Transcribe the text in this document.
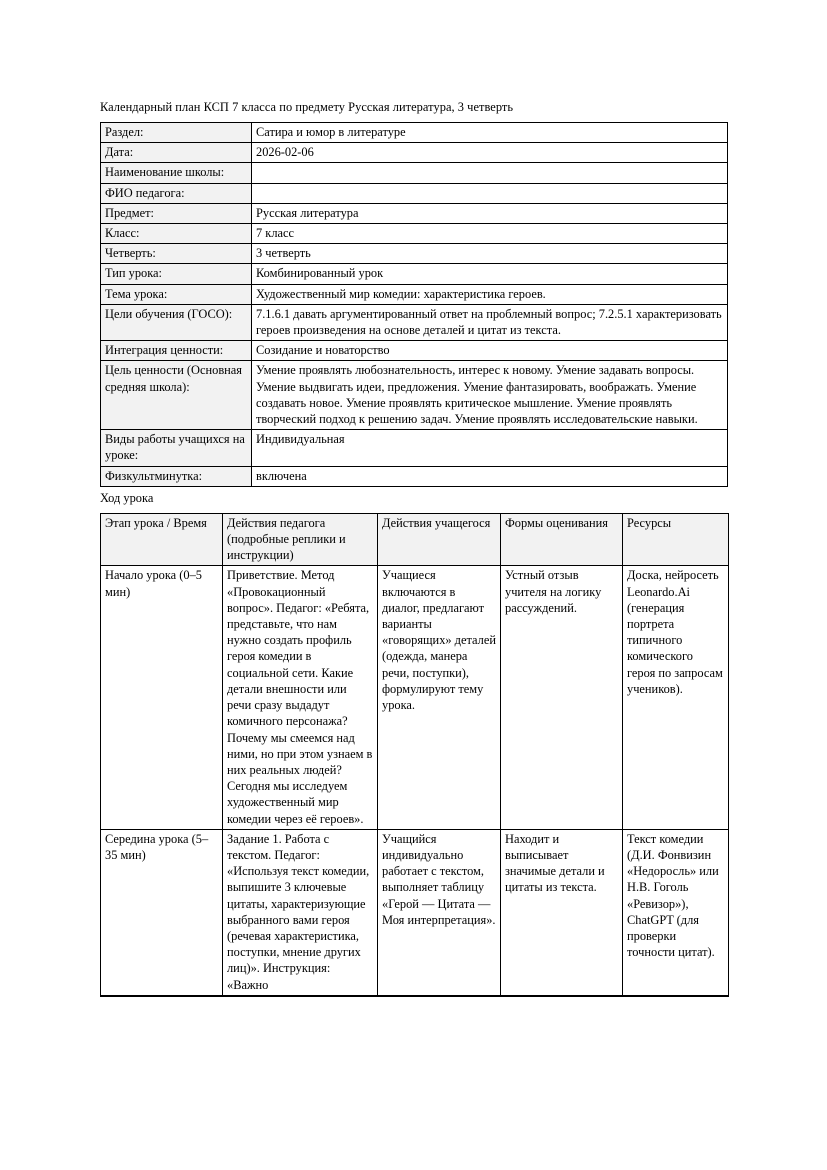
Календарный план КСП 7 класса по предмету Русская литература, 3 четверть
Раздел:	Сатира и юмор в литературе
Дата:	2026-02-06
Наименование школы:	
ФИО педагога:	
Предмет:	Русская литература
Класс:	7 класс
Четверть:	3 четверть
Тип урока:	Комбинированный урок
Тема урока:	Художественный мир комедии: характеристика героев.
Цели обучения (ГОСО):	7.1.6.1 давать аргументированный ответ на проблемный вопрос; 7.2.5.1 характеризовать героев произведения на основе деталей и цитат из текста.
Интеграция ценности:	Созидание и новаторство
Цель ценности (Основная средняя школа):	Умение проявлять любознательность, интерес к новому. Умение задавать вопросы. Умение выдвигать идеи, предложения. Умение фантазировать, воображать. Умение создавать новое. Умение проявлять критическое мышление. Умение проявлять творческий подход к решению задач. Умение проявлять исследовательские навыки.
Виды работы учащихся на уроке:	Индивидуальная
Физкультминутка:	включена
Ход урока
Этап урока / Время	Действия педагога (подробные реплики и инструкции)	Действия учащегося	Формы оценивания	Ресурсы
Начало урока (0–5 мин)	Приветствие. Метод «Провокационный вопрос». Педагог: «Ребята, представьте, что нам нужно создать профиль героя комедии в социальной сети. Какие детали внешности или речи сразу выдадут комичного персонажа? Почему мы смеемся над ними, но при этом узнаем в них реальных людей? Сегодня мы исследуем художественный мир комедии через её героев».	Учащиеся включаются в диалог, предлагают варианты «говорящих» деталей (одежда, манера речи, поступки), формулируют тему урока.	Устный отзыв учителя на логику рассуждений.	Доска, нейросеть Leonardo.Ai (генерация портрета типичного комического героя по запросам учеников).
Середина урока (5–35 мин)	Задание 1. Работа с текстом. Педагог: «Используя текст комедии, выпишите 3 ключевые цитаты, характеризующие выбранного вами героя (речевая характеристика, поступки, мнение других лиц)». Инструкция: «Важно	Учащийся индивидуально работает с текстом, выполняет таблицу «Герой — Цитата — Моя интерпретация».	Находит и выписывает значимые детали и цитаты из текста.	Текст комедии (Д.И. Фонвизин «Недоросль» или Н.В. Гоголь «Ревизор»), ChatGPT (для проверки точности цитат).
